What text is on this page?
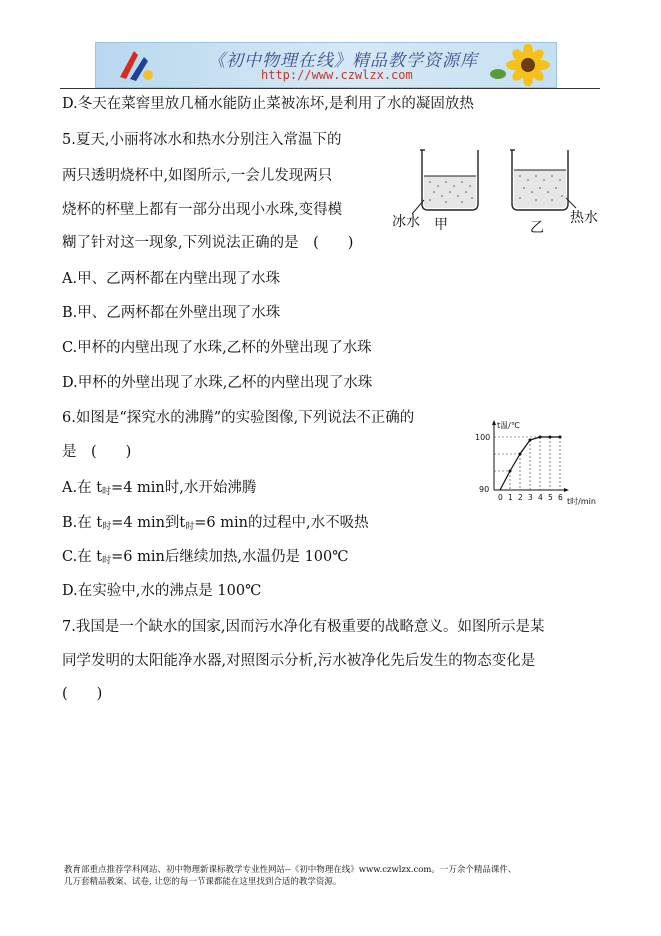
《初中物理在线》精品教学资源库
http://www.czwlzx.com
D.冬天在菜窖里放几桶水能防止菜被冻坏,是利用了水的凝固放热
5.夏天,小丽将冰水和热水分别注入常温下的
两只透明烧杯中,如图所示,一会儿发现两只
烧杯的杯壁上都有一部分出现小水珠,变得模
糊了针对这一现象,下列说法正确的是　(　　)
A.甲、乙两杯都在内壁出现了水珠
B.甲、乙两杯都在外壁出现了水珠
C.甲杯的内壁出现了水珠,乙杯的外壁出现了水珠
D.甲杯的外壁出现了水珠,乙杯的内壁出现了水珠
6.如图是“探究水的沸腾”的实验图像,下列说法不正确的
是　(　　)
A.在 $t_时=4$ min时,水开始沸腾
B.在 $t_时=4$ min到$t_时=6$ min的过程中,水不吸热
C.在 $t_时=6$ min后继续加热,水温仍是 100℃
D.在实验中,水的沸点是 100℃
7.我国是一个缺水的国家,因而污水净化有极重要的战略意义。如图所示是某
同学发明的太阳能净水器,对照图示分析,污水被净化先后发生的物态变化是
(　　)
冰水 甲	乙
热水
t温/℃
t时/min
100
90
0 1 2 3 4 5 6
教育部重点推荐学科网站、初中物理新课标教学专业性网站--《初中物理在线》www.czwlzx.com。一万余个精品课件、
几万套精品教案、试卷, 让您的每一节课都能在这里找到合适的教学资源。
